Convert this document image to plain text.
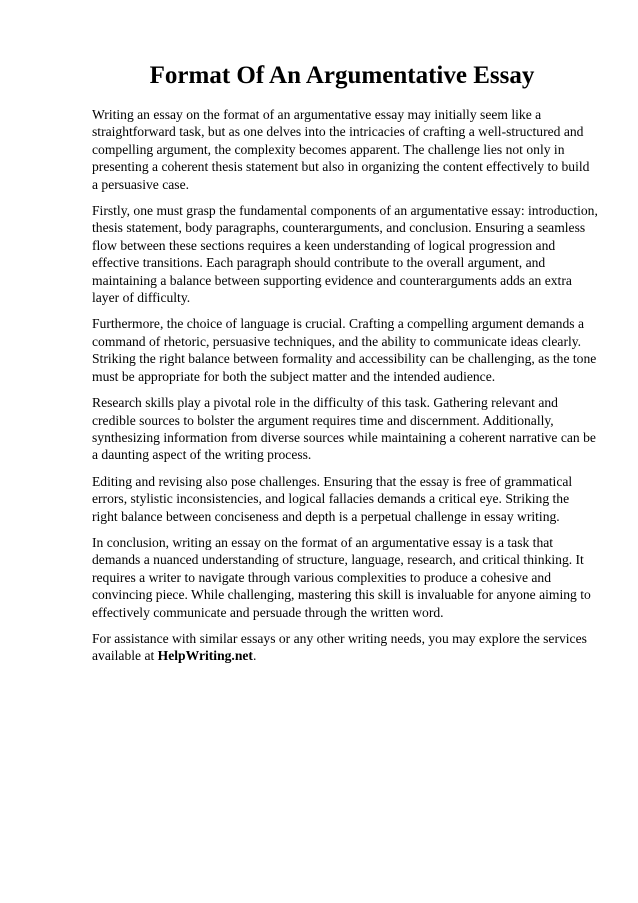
Format Of An Argumentative Essay

Writing an essay on the format of an argumentative essay may initially seem like a straightforward task, but as one delves into the intricacies of crafting a well-structured and compelling argument, the complexity becomes apparent. The challenge lies not only in presenting a coherent thesis statement but also in organizing the content effectively to build a persuasive case.

Firstly, one must grasp the fundamental components of an argumentative essay: introduction, thesis statement, body paragraphs, counterarguments, and conclusion. Ensuring a seamless flow between these sections requires a keen understanding of logical progression and effective transitions. Each paragraph should contribute to the overall argument, and maintaining a balance between supporting evidence and counterarguments adds an extra layer of difficulty.

Furthermore, the choice of language is crucial. Crafting a compelling argument demands a command of rhetoric, persuasive techniques, and the ability to communicate ideas clearly. Striking the right balance between formality and accessibility can be challenging, as the tone must be appropriate for both the subject matter and the intended audience.

Research skills play a pivotal role in the difficulty of this task. Gathering relevant and credible sources to bolster the argument requires time and discernment. Additionally, synthesizing information from diverse sources while maintaining a coherent narrative can be a daunting aspect of the writing process.

Editing and revising also pose challenges. Ensuring that the essay is free of grammatical errors, stylistic inconsistencies, and logical fallacies demands a critical eye. Striking the right balance between conciseness and depth is a perpetual challenge in essay writing.

In conclusion, writing an essay on the format of an argumentative essay is a task that demands a nuanced understanding of structure, language, research, and critical thinking. It requires a writer to navigate through various complexities to produce a cohesive and convincing piece. While challenging, mastering this skill is invaluable for anyone aiming to effectively communicate and persuade through the written word.

For assistance with similar essays or any other writing needs, you may explore the services available at HelpWriting.net.
